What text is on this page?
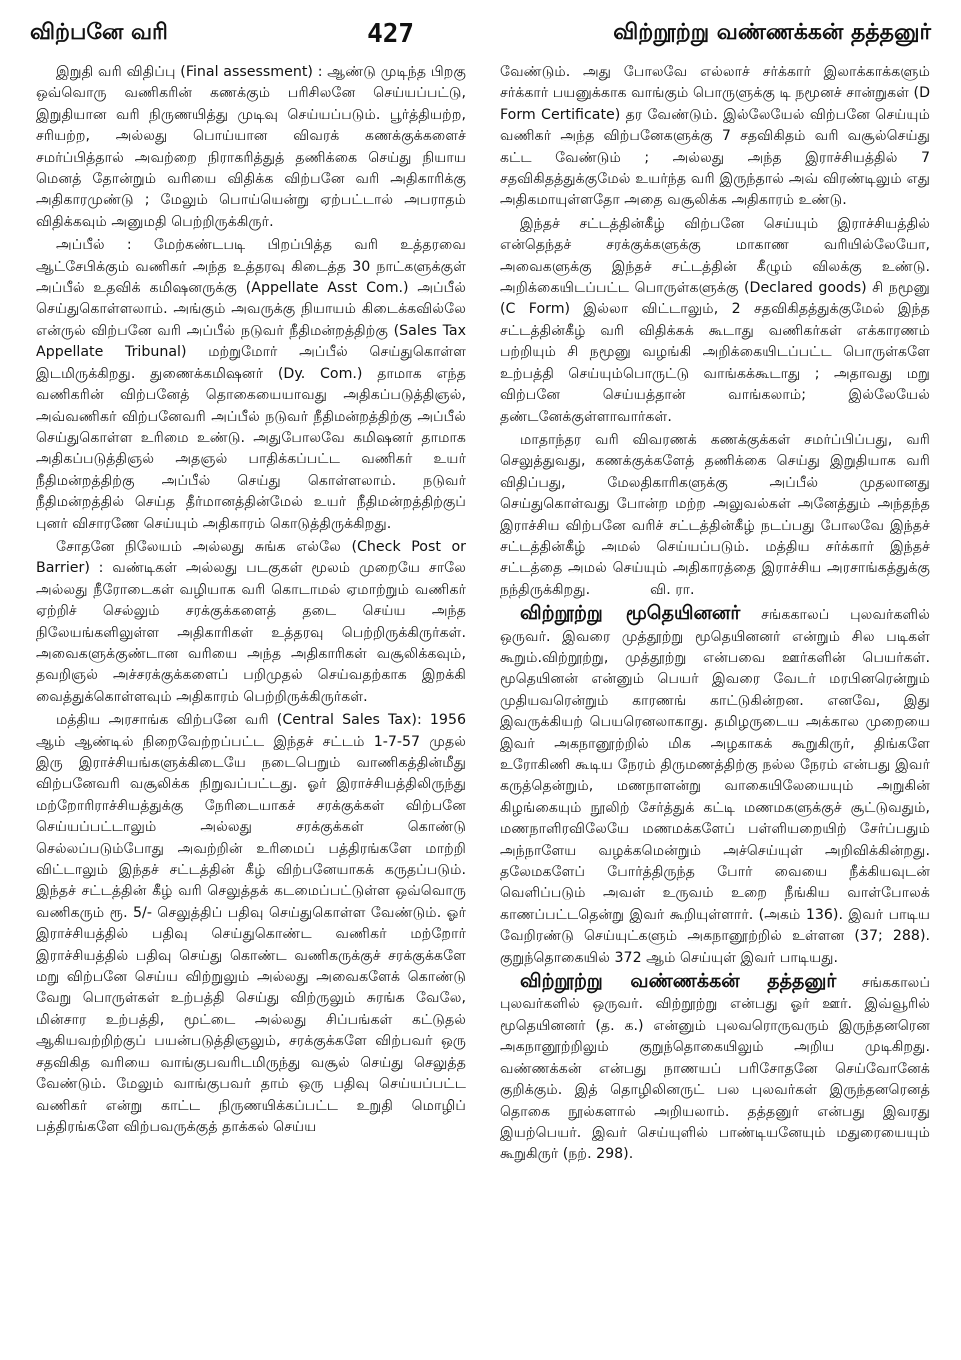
விற்பனே வரி	427	விற்றூற்று வண்ணக்கன் தத்தனுர்

இறுதி வரி விதிப்பு (Final assessment) : ஆண்டு முடிந்த பிறகு ஒவ்வொரு வணிகரின் கணக்கும் பரிசிலனே செய்யப்பட்டு, இறுதியான வரி நிருணயித்து முடிவு செய்யப்படும். பூர்த்தியற்ற, சரியற்ற, அல்லது பொய்யான விவரக் கணக்குக்களைச் சமர்ப்பித்தால் அவற்றை நிராகரித்துத் தணிக்கை செய்து நியாய மெனத் தோன்றும் வரியை விதிக்க விற்பனே வரி அதிகாரிக்கு அதிகாரமுண்டு ; மேலும் பொய்யென்று ஏற்பட்டால் அபராதம் விதிக்கவும் அனுமதி பெற்றிருக்கிருர்.

அப்பீல் : மேற்கண்டபடி பிறப்பித்த வரி உத்தரவை ஆட்சேபிக்கும் வணிகர் அந்த உத்தரவு கிடைத்த 30 நாட்களுக்குள் அப்பீல் உதவிக் கமிஷனருக்கு (Appellate Asst Com.) அப்பீல் செய்துகொள்ளலாம். அங்கும் அவருக்கு நியாயம் கிடைக்கவில்லே என்ருல் விற்பனே வரி அப்பீல் நடுவர் நீதிமன்றத்திற்கு (Sales Tax Appellate Tribunal) மற்றுமோர் அப்பீல் செய்துகொள்ள இடமிருக்கிறது. துணைக்கமிஷனர் (Dy. Com.) தாமாக எந்த வணிகரின் விற்பனேத் தொகையையாவது அதிகப்படுத்திஞல், அவ்வணிகர் விற்பனேவரி அப்பீல் நடுவர் நீதிமன்றத்திற்கு அப்பீல் செய்துகொள்ள உரிமை உண்டு. அதுபோலவே கமிஷனர் தாமாக அதிகப்படுத்திஞல் அதஞல் பாதிக்கப்பட்ட வணிகர் உயர் நீதிமன்றத்திற்கு அப்பீல் செய்து கொள்ளலாம். நடுவர் நீதிமன்றத்தில் செய்த தீர்மானத்தின்மேல் உயர் நீதிமன்றத்திற்குப் புனர் விசாரணே செய்யும் அதிகாரம் கொடுத்திருக்கிறது.

சோதனே நிலேயம் அல்லது சுங்க எல்லே (Check Post or Barrier) : வண்டிகள் அல்லது படகுகள் மூலம் முறையே சாலே அல்லது நீரோடைகள் வழியாக வரி கொடாமல் ஏமாற்றும் வணிகர் ஏற்றிச் செல்லும் சரக்குக்களைத் தடை செய்ய அந்த நிலேயங்களிலுள்ள அதிகாரிகள் உத்தரவு பெற்றிருக்கிருர்கள். அவைகளுக்குண்டான வரியை அந்த அதிகாரிகள் வசூலிக்கவும், தவறிஞல் அச்சரக்குக்களைப் பறிமுதல் செய்வதற்காக இறக்கி வைத்துக்கொள்ளவும் அதிகாரம் பெற்றிருக்கிருர்கள்.

மத்திய அரசாங்க விற்பனே வரி (Central Sales Tax): 1956 ஆம் ஆண்டில் நிறைவேற்றப்பட்ட இந்தச் சட்டம் 1-7-57 முதல் இரு இராச்சியங்களுக்கிடையே நடைபெறும் வாணிகத்தின்மீது விற்பனேவரி வசூலிக்க நிறுவப்பட்டது. ஓர் இராச்சியத்திலிருந்து மற்றோரிராச்சியத்துக்கு நேரிடையாகச் சரக்குக்கள் விற்பனே செய்யப்பட்டாலும் அல்லது சரக்குக்கள் கொண்டு செல்லப்படும்போது அவற்றின் உரிமைப் பத்திரங்களே மாற்றி விட்டாலும் இந்தச் சட்டத்தின் கீழ் விற்பனேயாகக் கருதப்படும். இந்தச் சட்டத்தின் கீழ் வரி செலுத்தக் கடமைப்பட்டுள்ள ஒவ்வொரு வணிகரும் ரூ. 5/- செலுத்திப் பதிவு செய்துகொள்ள வேண்டும். ஓர் இராச்சியத்தில் பதிவு செய்துகொண்ட வணிகர் மற்றோர் இராச்சியத்தில் பதிவு செய்து கொண்ட வணிகருக்குச் சரக்குக்களே மறு விற்பனே செய்ய விற்றுலும் அல்லது அவைகளேக் கொண்டு வேறு பொருள்கள் உற்பத்தி செய்து விற்ருலும் சுரங்க வேலே, மின்சார உற்பத்தி, மூட்டை அல்லது சிப்பங்கள் கட்டுதல் ஆகியவற்றிற்குப் பயன்படுத்திஞலும், சரக்குக்களே விற்பவர் ஒரு சதவிகித வரியை வாங்குபவரிடமிருந்து வசூல் செய்து செலுத்த வேண்டும். மேலும் வாங்குபவர் தாம் ஒரு பதிவு செய்யப்பட்ட வணிகர் என்று காட்ட நிருணயிக்கப்பட்ட உறுதி மொழிப் பத்திரங்களே விற்பவருக்குத் தாக்கல் செய்ய

வேண்டும். அது போலவே எல்லாச் சர்க்கார் இலாக்காக்களும் சர்க்கார் பயனுக்காக வாங்கும் பொருளுக்கு டி நமூனச் சான்றுகள் (D Form Certificate) தர வேண்டும். இல்லேயேல் விற்பனே செய்யும் வணிகர் அந்த விற்பனேகளுக்கு 7 சதவிகிதம் வரி வசூல்செய்து கட்ட வேண்டும் ; அல்லது அந்த இராச்சியத்தில் 7 சதவிகிதத்துக்குமேல் உயர்ந்த வரி இருந்தால் அவ் விரண்டிலும் எது அதிகமாயுள்ளதோ அதை வசூலிக்க அதிகாரம் உண்டு.

இந்தச் சட்டத்தின்கீழ் விற்பனே செய்யும் இராச்சியத்தில் என்தெந்தச் சரக்குக்களுக்கு மாகாண வரியில்லேயோ, அவைகளுக்கு இந்தச் சட்டத்தின் கீழும் விலக்கு உண்டு. அறிக்கையிடப்பட்ட பொருள்களுக்கு (Declared goods) சி நமூனு (C Form) இல்லா விட்டாலும், 2 சதவிகிதத்துக்குமேல் இந்த சட்டத்தின்கீழ் வரி விதிக்கக் கூடாது வணிகர்கள் எக்காரணம் பற்றியும் சி நமூனு வழங்கி அறிக்கையிடப்பட்ட பொருள்களே உற்பத்தி செய்யும்பொருட்டு வாங்கக்கூடாது ; அதாவது மறு விற்பனே செய்யத்தான் வாங்கலாம்; இல்லேயேல் தண்டனேக்குள்ளாவார்கள்.

மாதாந்தர வரி விவரணக் கணக்குக்கள் சமர்ப்பிப்பது, வரி செலுத்துவது, கணக்குக்களேத் தணிக்கை செய்து இறுதியாக வரி விதிப்பது, மேலதிகாரிகளுக்கு அப்பீல் முதலானது செய்துகொள்வது போன்ற மற்ற அலுவல்கள் அனேத்தும் அந்தந்த இராச்சிய விற்பனே வரிச் சட்டத்தின்கீழ் நடப்பது போலவே இந்தச் சட்டத்தின்கீழ் அமல் செய்யப்படும். மத்திய சர்க்கார் இந்தச் சட்டத்தை அமல் செய்யும் அதிகாரத்தை இராச்சிய அரசாங்கத்துக்கு நந்திருக்கிறது.	வி. ரா.

விற்றூற்று மூதெயினனர் சங்ககாலப் புலவர்களில் ஒருவர். இவரை முத்தூற்று மூதெயினனர் என்றும் சில படிகள் கூறும்.விற்றூற்று, முத்தூற்று என்பவை ஊர்களின் பெயர்கள். மூதெயினன் என்னும் பெயர் இவரை வேடர் மரபினரென்றும் முதியவரென்றும் காரணங் காட்டுகின்றன. எனவே, இது இவருக்கியற் பெயரெனலாகாது. தமிழருடைய அக்கால முறையை இவர் அகநானூற்றில் மிக அழகாகக் கூறுகிருர், திங்களே உரோகிணி கூடிய நேரம் திருமணத்திற்கு நல்ல நேரம் என்பது இவர் கருத்தென்றும், மணநாளன்று வாகையிலேயையும் அறுகின் கிழங்கையும் நூலிற் சேர்த்துக் கட்டி மணமகளுக்குச் சூட்டுவதும், மணநாளிரவிலேயே மணமக்களேப் பள்ளியறையிற் சேர்ப்பதும் அந்நாளேய வழக்கமென்றும் அச்செய்யுள் அறிவிக்கின்றது. தலேமகளேப் போர்த்திருந்த போர் வையை நீக்கியவுடன் வெளிப்படும் அவள் உருவம் உறை நீங்கிய வாள்போலக் காணப்பட்டதென்று இவர் கூறியுள்ளார். (அகம் 136). இவர் பாடிய வேறிரண்டு செய்யுட்களும் அகநானூற்றில் உள்ளன (37; 288). குறுந்தொகையில் 372 ஆம் செய்யுள் இவர் பாடியது.

விற்றூற்று வண்ணக்கன் தத்தனுர் சங்ககாலப் புலவர்களில் ஒருவர். விற்றூற்று என்பது ஓர் ஊர். இவ்வூரில் மூதெயினனர் (த. க.) என்னும் புலவரொருவரும் இருந்தனரென அகநானூற்றிலும் குறுந்தொகையிலும் அறிய முடிகிறது. வண்ணக்கன் என்பது நாணயப் பரிசோதனே செய்வோனேக் குறிக்கும். இத் தொழிலினருட் பல புலவர்கள் இருந்தனரெனத் தொகை நூல்களால் அறியலாம். தத்தனுர் என்பது இவரது இயற்பெயர். இவர் செய்யுளில் பாண்டியனேயும் மதுரையையும் கூறுகிருர் (நற். 298).
